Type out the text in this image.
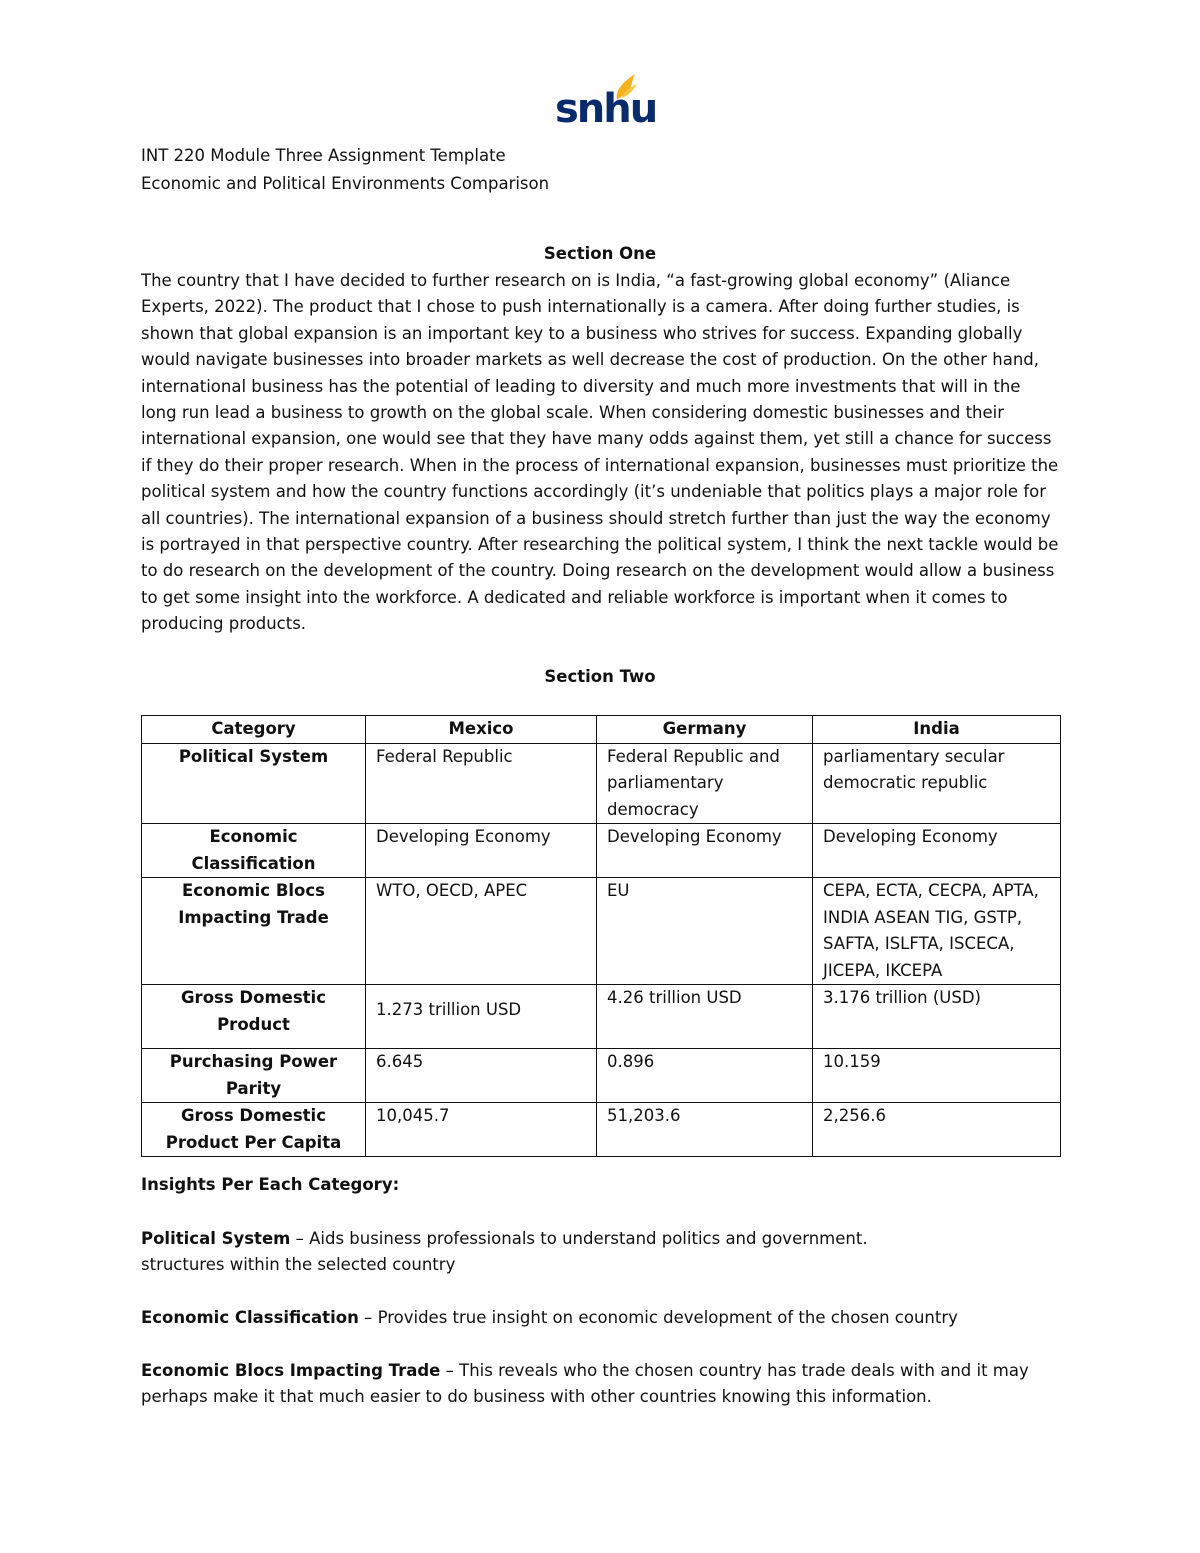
snhu
INT 220 Module Three Assignment Template
Economic and Political Environments Comparison
Section One
The country that I have decided to further research on is India, “a fast-growing global economy” (Aliance Experts, 2022). The product that I chose to push internationally is a camera. After doing further studies, is shown that global expansion is an important key to a business who strives for success. Expanding globally would navigate businesses into broader markets as well decrease the cost of production. On the other hand, international business has the potential of leading to diversity and much more investments that will in the long run lead a business to growth on the global scale. When considering domestic businesses and their international expansion, one would see that they have many odds against them, yet still a chance for success if they do their proper research. When in the process of international expansion, businesses must prioritize the political system and how the country functions accordingly (it’s undeniable that politics plays a major role for all countries). The international expansion of a business should stretch further than just the way the economy is portrayed in that perspective country. After researching the political system, I think the next tackle would be to do research on the development of the country. Doing research on the development would allow a business to get some insight into the workforce. A dedicated and reliable workforce is important when it comes to producing products.
Section Two
Category	Mexico	Germany	India
Political System	Federal Republic	Federal Republic and parliamentary democracy	parliamentary secular democratic republic
Economic Classification	Developing Economy	Developing Economy	Developing Economy
Economic Blocs Impacting Trade	WTO, OECD, APEC	EU	CEPA, ECTA, CECPA, APTA, INDIA ASEAN TIG, GSTP, SAFTA, ISLFTA, ISCECA, JICEPA, IKCEPA
Gross Domestic Product	1.273 trillion USD	4.26 trillion USD	3.176 trillion (USD)
Purchasing Power Parity	6.645	0.896	10.159
Gross Domestic Product Per Capita	10,045.7	51,203.6	2,256.6
Insights Per Each Category:
Political System – Aids business professionals to understand politics and government.
structures within the selected country
Economic Classification – Provides true insight on economic development of the chosen country
Economic Blocs Impacting Trade – This reveals who the chosen country has trade deals with and it may perhaps make it that much easier to do business with other countries knowing this information.
